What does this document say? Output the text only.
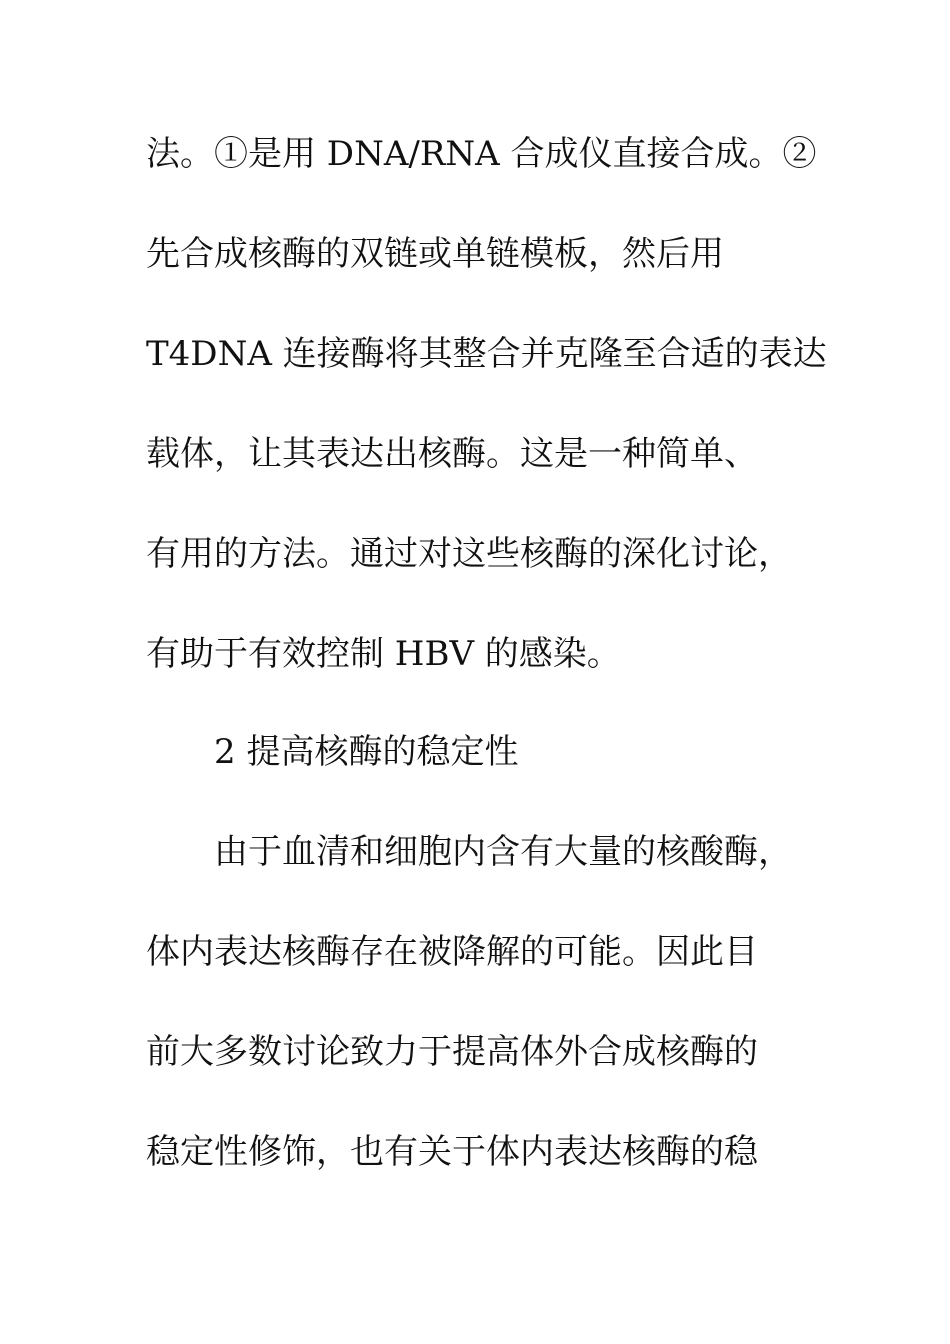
法。①是用 DNA/RNA 合成仪直接合成。②
先合成核酶的双链或单链模板，然后用
T4DNA 连接酶将其整合并克隆至合适的表达
载体，让其表达出核酶。这是一种简单、
有用的方法。通过对这些核酶的深化讨论，
有助于有效控制 HBV 的感染。
2 提高核酶的稳定性
由于血清和细胞内含有大量的核酸酶，
体内表达核酶存在被降解的可能。因此目
前大多数讨论致力于提高体外合成核酶的
稳定性修饰，也有关于体内表达核酶的稳
